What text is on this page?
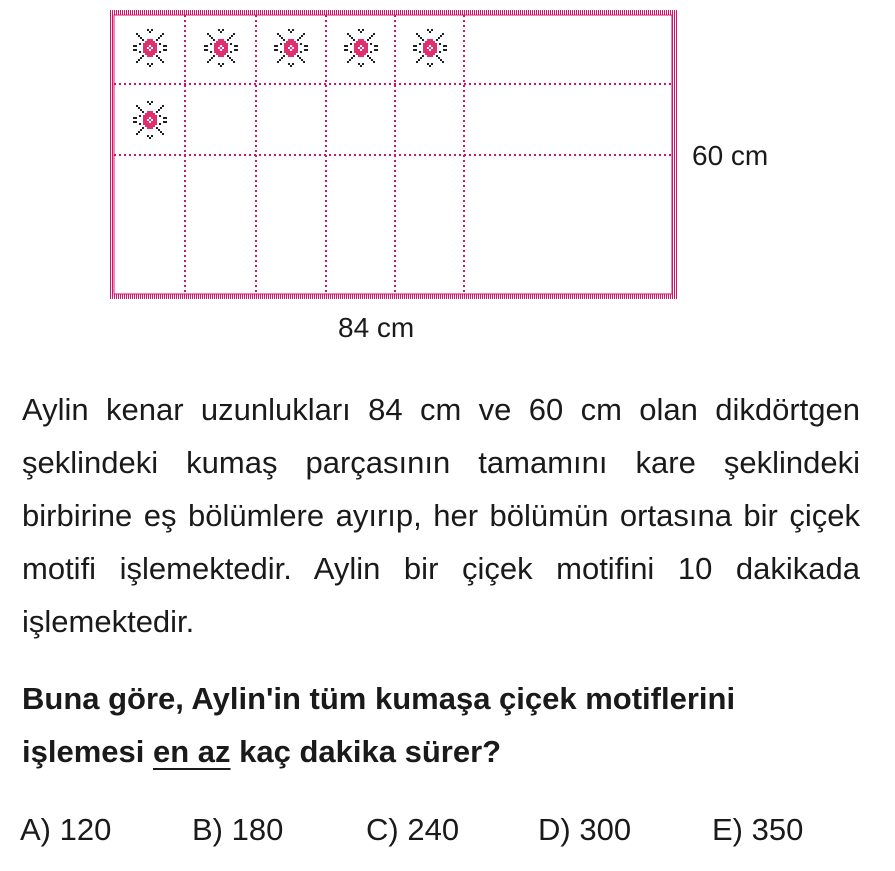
84 cm
60 cm
Aylin kenar uzunlukları 84 cm ve 60 cm olan dikdörtgen şeklindeki kumaş parçasının tamamını kare şeklindeki birbirine eş bölümlere ayırıp, her bölümün ortasına bir çiçek motifi işlemektedir. Aylin bir çiçek motifini 10 dakikada işlemektedir.
Buna göre, Aylin'in tüm kumaşa çiçek motiflerini işlemesi en az kaç dakika sürer?
A) 120	B) 180	C) 240	D) 300	E) 350
